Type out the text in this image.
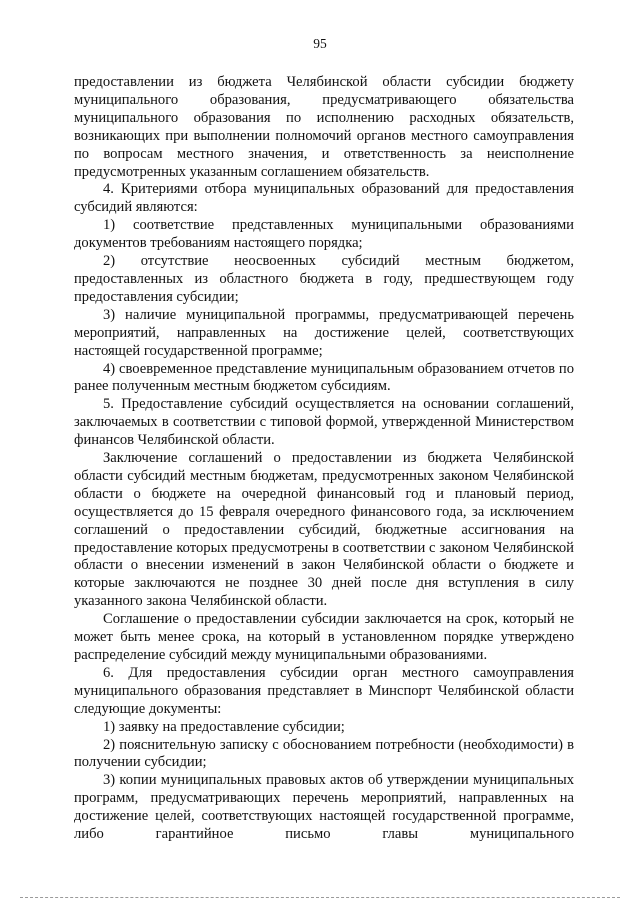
95

предоставлении из бюджета Челябинской области субсидии бюджету муниципального образования, предусматривающего обязательства муниципального образования по исполнению расходных обязательств, возникающих при выполнении полномочий органов местного самоуправления по вопросам местного значения, и ответственность за неисполнение предусмотренных указанным соглашением обязательств.

4. Критериями отбора муниципальных образований для предоставления субсидий являются:

1) соответствие представленных муниципальными образованиями документов требованиям настоящего порядка;

2) отсутствие неосвоенных субсидий местным бюджетом, предоставленных из областного бюджета в году, предшествующем году предоставления субсидии;

3) наличие муниципальной программы, предусматривающей перечень мероприятий, направленных на достижение целей, соответствующих настоящей государственной программе;

4) своевременное представление муниципальным образованием отчетов по ранее полученным местным бюджетом субсидиям.

5. Предоставление субсидий осуществляется на основании соглашений, заключаемых в соответствии с типовой формой, утвержденной Министерством финансов Челябинской области.

Заключение соглашений о предоставлении из бюджета Челябинской области субсидий местным бюджетам, предусмотренных законом Челябинской области о бюджете на очередной финансовый год и плановый период, осуществляется до 15 февраля очередного финансового года, за исключением соглашений о предоставлении субсидий, бюджетные ассигнования на предоставление которых предусмотрены в соответствии с законом Челябинской области о внесении изменений в закон Челябинской области о бюджете и которые заключаются не позднее 30 дней после дня вступления в силу указанного закона Челябинской области.

Соглашение о предоставлении субсидии заключается на срок, который не может быть менее срока, на который в установленном порядке утверждено распределение субсидий между муниципальными образованиями.

6. Для предоставления субсидии орган местного самоуправления муниципального образования представляет в Минспорт Челябинской области следующие документы:

1) заявку на предоставление субсидии;

2) пояснительную записку с обоснованием потребности (необходимости) в получении субсидии;

3) копии муниципальных правовых актов об утверждении муниципальных программ, предусматривающих перечень мероприятий, направленных на достижение целей, соответствующих настоящей государственной программе, либо гарантийное письмо главы муниципального
